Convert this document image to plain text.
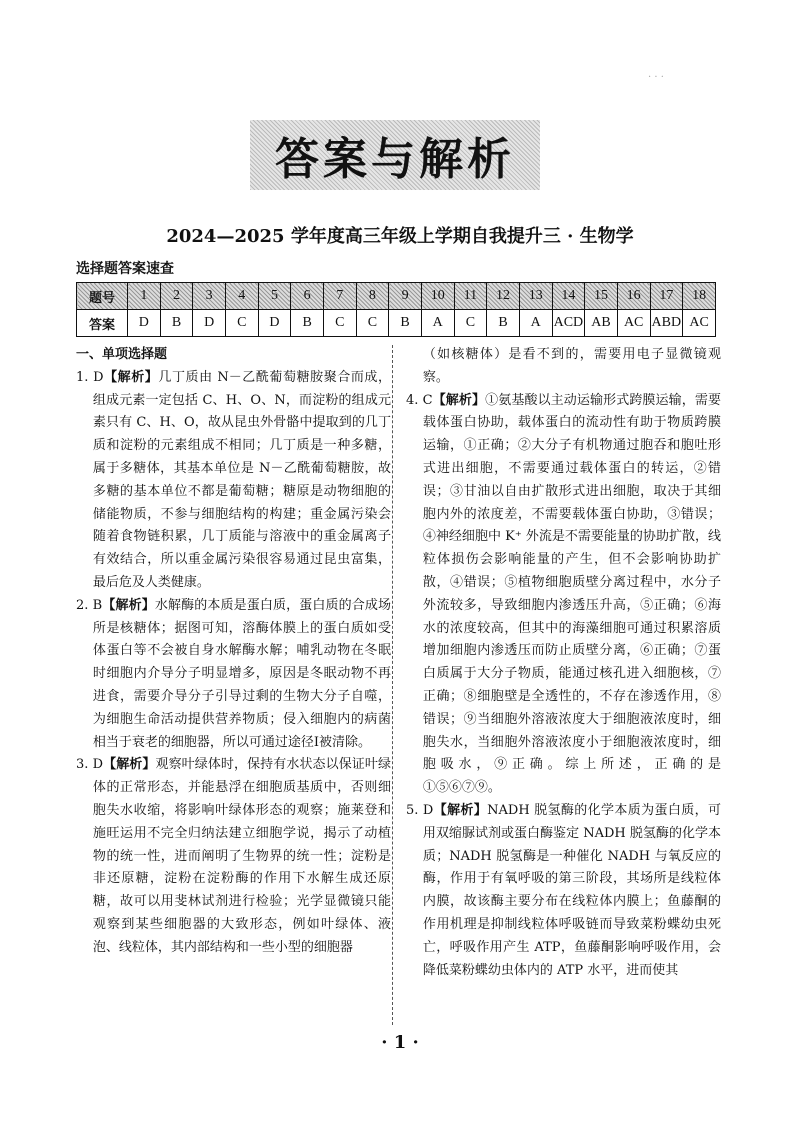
· · ·
答案与解析
2024—2025 学年度高三年级上学期自我提升三 · 生物学
选择题答案速查
题号	1	2	3	4	5	6	7	8	9	10	11	12	13	14	15	16	17	18
答案	D	B	D	C	D	B	C	C	B	A	C	B	A	ACD	AB	AC	ABD	AC
一、单项选择题

1. D【解析】几丁质由 N－乙酰葡萄糖胺聚合而成，组成元素一定包括 C、H、O、N，而淀粉的组成元素只有 C、H、O，故从昆虫外骨骼中提取到的几丁质和淀粉的元素组成不相同；几丁质是一种多糖，属于多糖体，其基本单位是 N－乙酰葡萄糖胺，故多糖的基本单位不都是葡萄糖；糖原是动物细胞的储能物质，不参与细胞结构的构建；重金属污染会随着食物链积累，几丁质能与溶液中的重金属离子有效结合，所以重金属污染很容易通过昆虫富集，最后危及人类健康。

2. B【解析】水解酶的本质是蛋白质，蛋白质的合成场所是核糖体；据图可知，溶酶体膜上的蛋白质如受体蛋白等不会被自身水解酶水解；哺乳动物在冬眠时细胞内介导分子明显增多，原因是冬眠动物不再进食，需要介导分子引导过剩的生物大分子自噬，为细胞生命活动提供营养物质；侵入细胞内的病菌相当于衰老的细胞器，所以可通过途径Ⅰ被清除。

3. D【解析】观察叶绿体时，保持有水状态以保证叶绿体的正常形态，并能悬浮在细胞质基质中，否则细胞失水收缩，将影响叶绿体形态的观察；施莱登和施旺运用不完全归纳法建立细胞学说，揭示了动植物的统一性，进而阐明了生物界的统一性；淀粉是非还原糖，淀粉在淀粉酶的作用下水解生成还原糖，故可以用斐林试剂进行检验；光学显微镜只能观察到某些细胞器的大致形态，例如叶绿体、液泡、线粒体，其内部结构和一些小型的细胞器

（如核糖体）是看不到的，需要用电子显微镜观察。

4. C【解析】①氨基酸以主动运输形式跨膜运输，需要载体蛋白协助，载体蛋白的流动性有助于物质跨膜运输，①正确；②大分子有机物通过胞吞和胞吐形式进出细胞，不需要通过载体蛋白的转运，②错误；③甘油以自由扩散形式进出细胞，取决于其细胞内外的浓度差，不需要载体蛋白协助，③错误；④神经细胞中 K⁺ 外流是不需要能量的协助扩散，线粒体损伤会影响能量的产生，但不会影响协助扩散，④错误；⑤植物细胞质壁分离过程中，水分子外流较多，导致细胞内渗透压升高，⑤正确；⑥海水的浓度较高，但其中的海藻细胞可通过积累溶质增加细胞内渗透压而防止质壁分离，⑥正确；⑦蛋白质属于大分子物质，能通过核孔进入细胞核，⑦正确；⑧细胞壁是全透性的，不存在渗透作用，⑧错误；⑨当细胞外溶液浓度大于细胞液浓度时，细胞失水，当细胞外溶液浓度小于细胞液浓度时，细胞吸水，⑨正确。综上所述，正确的是①⑤⑥⑦⑨。

5. D【解析】NADH 脱氢酶的化学本质为蛋白质，可用双缩脲试剂或蛋白酶鉴定 NADH 脱氢酶的化学本质；NADH 脱氢酶是一种催化 NADH 与氧反应的酶，作用于有氧呼吸的第三阶段，其场所是线粒体内膜，故该酶主要分布在线粒体内膜上；鱼藤酮的作用机理是抑制线粒体呼吸链而导致菜粉蝶幼虫死亡，呼吸作用产生 ATP，鱼藤酮影响呼吸作用，会降低菜粉蝶幼虫体内的 ATP 水平，进而使其

· 1 ·
